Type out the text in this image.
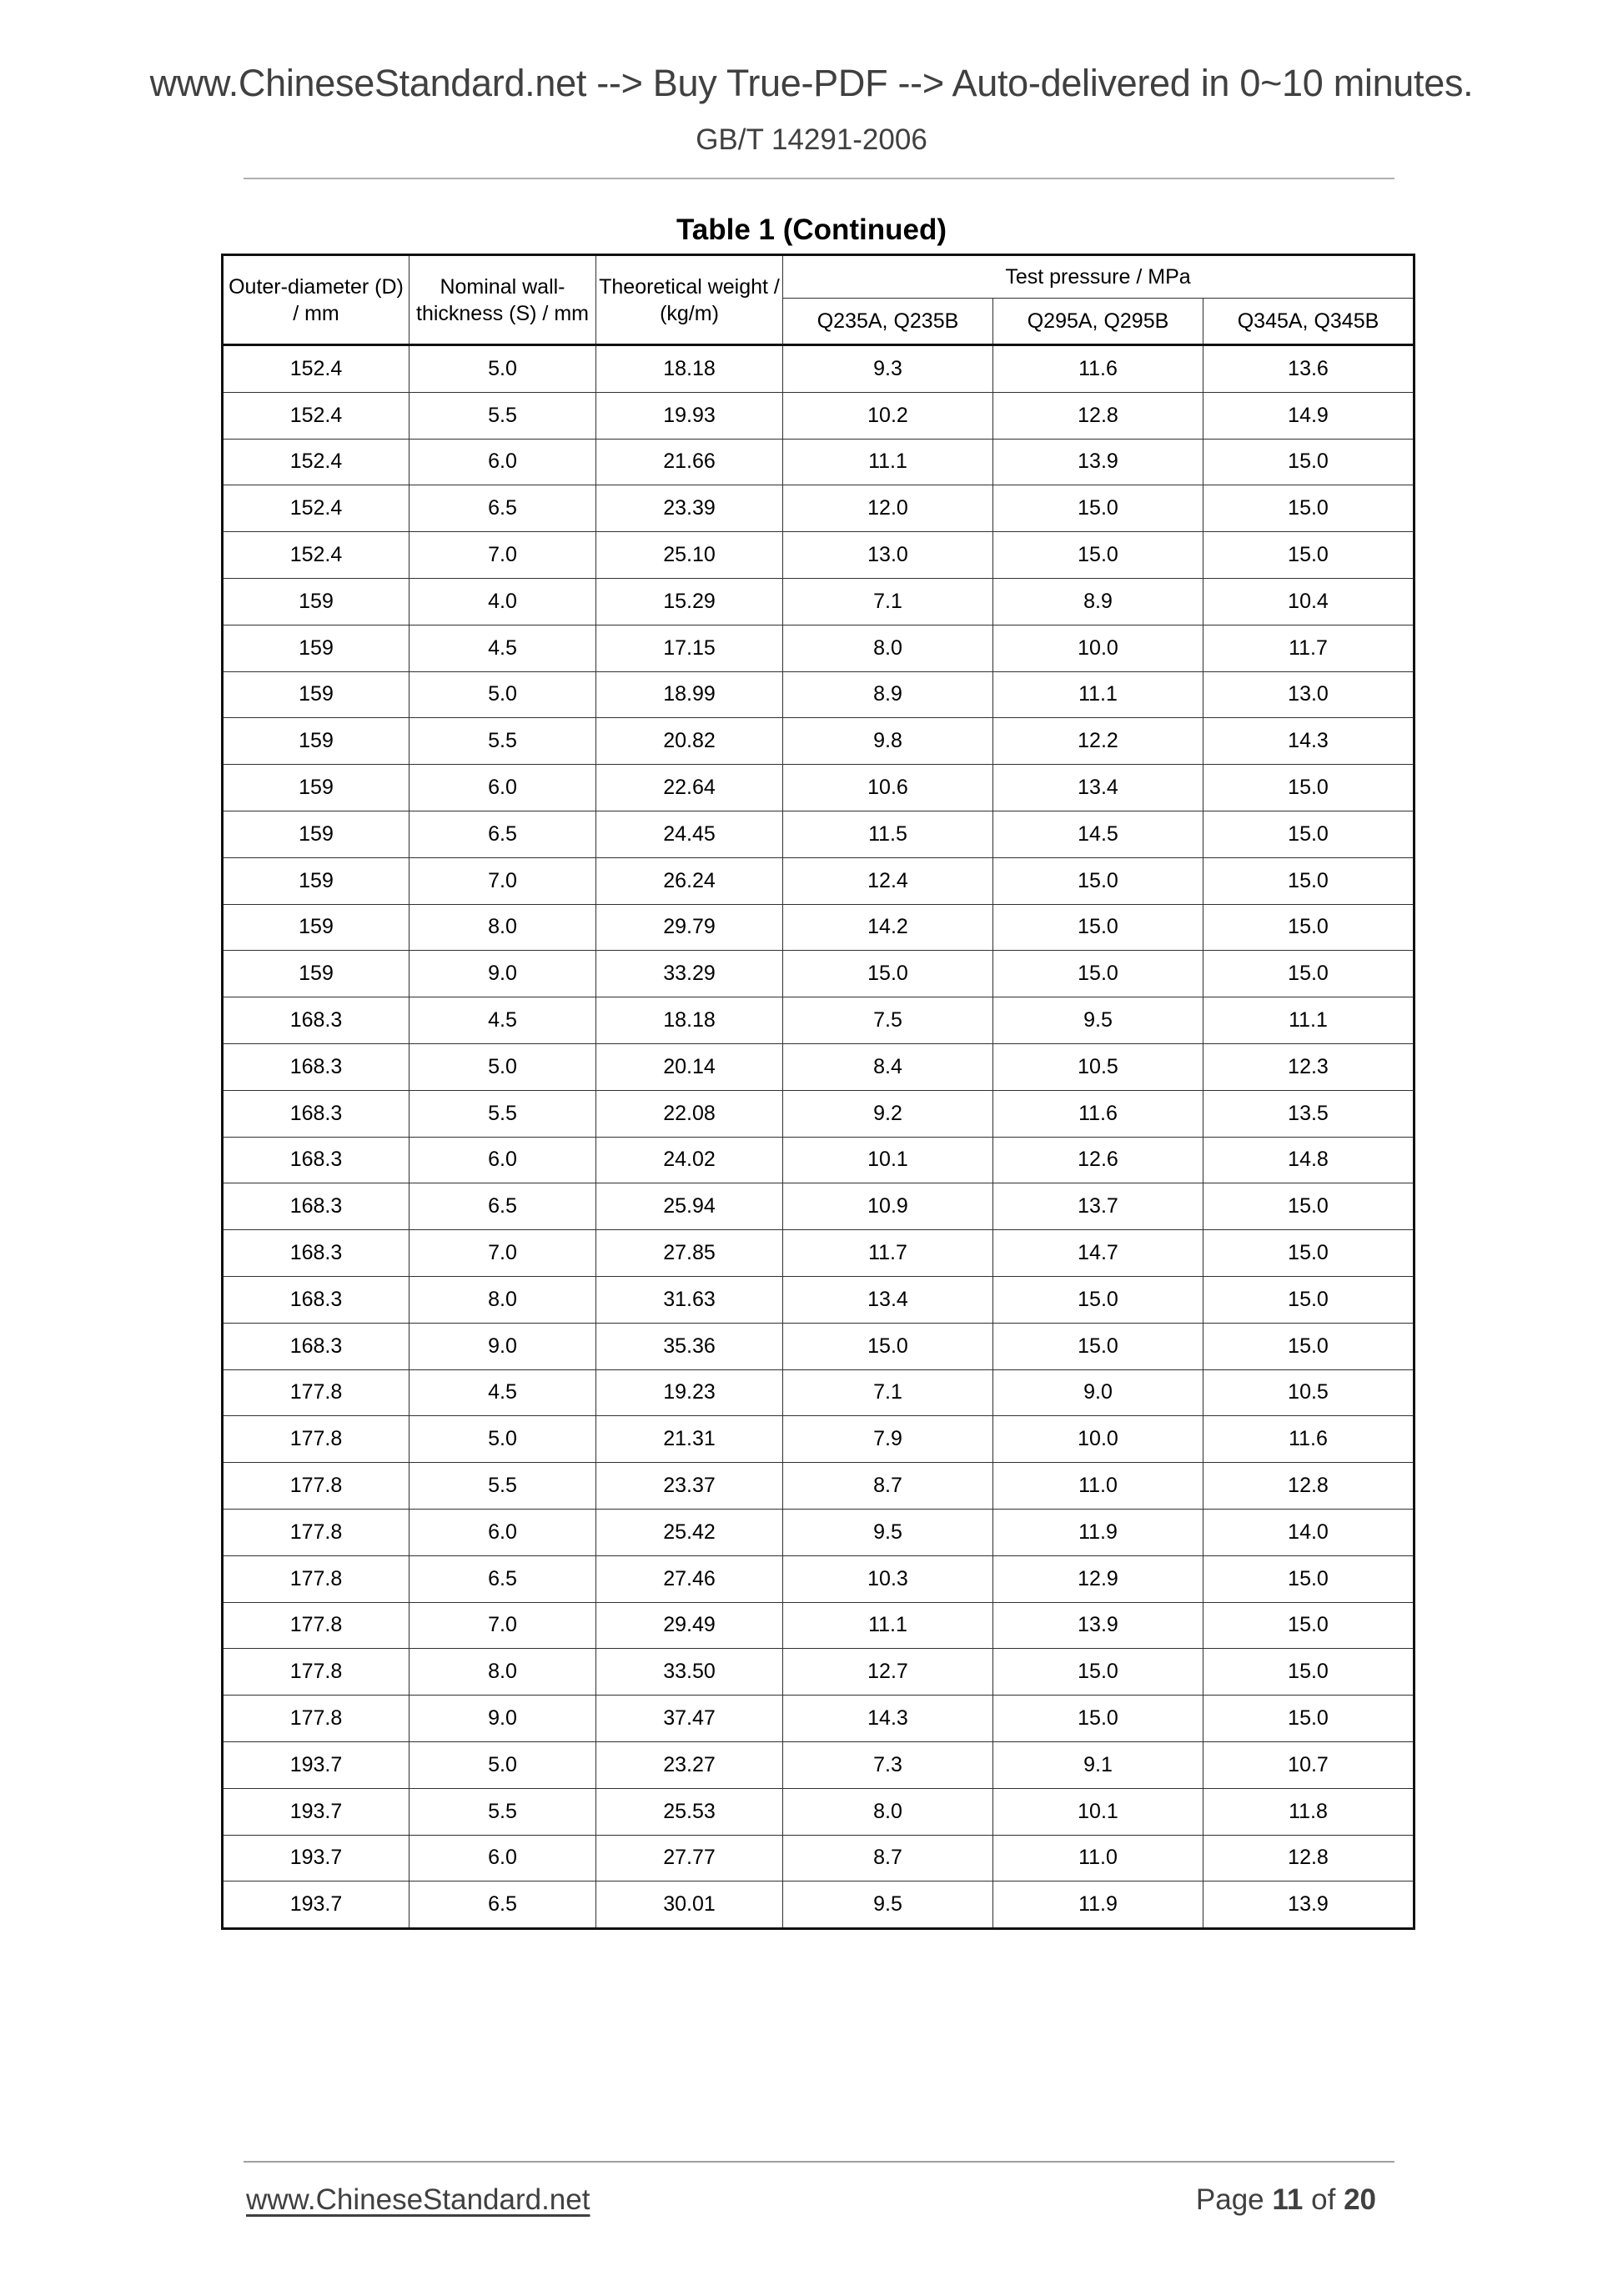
www.ChineseStandard.net --> Buy True-PDF --> Auto-delivered in 0~10 minutes.
GB/T 14291-2006
Table 1 (Continued)
Outer-diameter (D) / mm	Nominal wall-thickness (S) / mm	Theoretical weight / (kg/m)	Test pressure / MPa		
			Q235A, Q235B	Q295A, Q295B	Q345A, Q345B
152.4	5.0	18.18	9.3	11.6	13.6
152.4	5.5	19.93	10.2	12.8	14.9
152.4	6.0	21.66	11.1	13.9	15.0
152.4	6.5	23.39	12.0	15.0	15.0
152.4	7.0	25.10	13.0	15.0	15.0
159	4.0	15.29	7.1	8.9	10.4
159	4.5	17.15	8.0	10.0	11.7
159	5.0	18.99	8.9	11.1	13.0
159	5.5	20.82	9.8	12.2	14.3
159	6.0	22.64	10.6	13.4	15.0
159	6.5	24.45	11.5	14.5	15.0
159	7.0	26.24	12.4	15.0	15.0
159	8.0	29.79	14.2	15.0	15.0
159	9.0	33.29	15.0	15.0	15.0
168.3	4.5	18.18	7.5	9.5	11.1
168.3	5.0	20.14	8.4	10.5	12.3
168.3	5.5	22.08	9.2	11.6	13.5
168.3	6.0	24.02	10.1	12.6	14.8
168.3	6.5	25.94	10.9	13.7	15.0
168.3	7.0	27.85	11.7	14.7	15.0
168.3	8.0	31.63	13.4	15.0	15.0
168.3	9.0	35.36	15.0	15.0	15.0
177.8	4.5	19.23	7.1	9.0	10.5
177.8	5.0	21.31	7.9	10.0	11.6
177.8	5.5	23.37	8.7	11.0	12.8
177.8	6.0	25.42	9.5	11.9	14.0
177.8	6.5	27.46	10.3	12.9	15.0
177.8	7.0	29.49	11.1	13.9	15.0
177.8	8.0	33.50	12.7	15.0	15.0
177.8	9.0	37.47	14.3	15.0	15.0
193.7	5.0	23.27	7.3	9.1	10.7
193.7	5.5	25.53	8.0	10.1	11.8
193.7	6.0	27.77	8.7	11.0	12.8
193.7	6.5	30.01	9.5	11.9	13.9
www.ChineseStandard.net	Page 11 of 20
